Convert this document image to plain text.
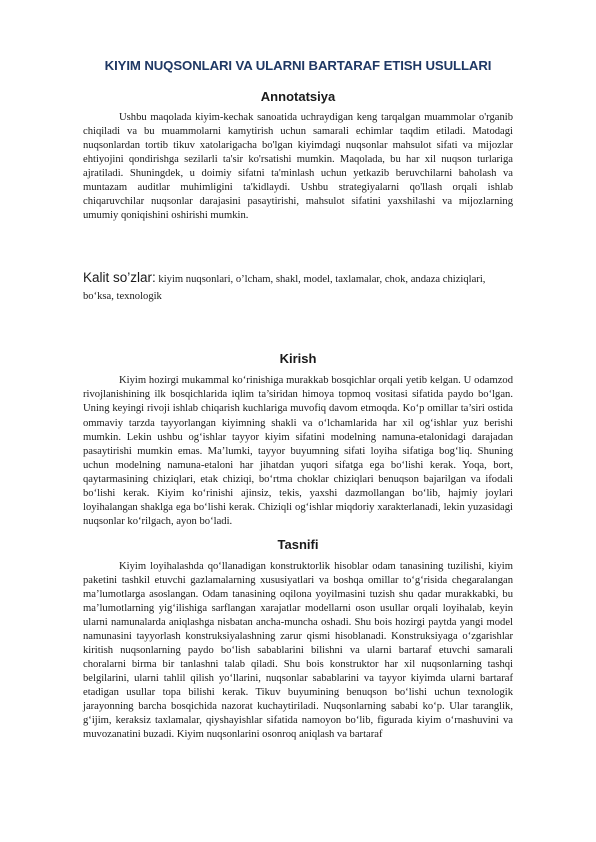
KIYIM NUQSONLARI VA ULARNI BARTARAF ETISH USULLARI
Annotatsiya

Ushbu maqolada kiyim-kechak sanoatida uchraydigan keng tarqalgan muammolar o'rganib chiqiladi va bu muammolarni kamytirish uchun samarali echimlar taqdim etiladi. Matodagi nuqsonlardan tortib tikuv xatolarigacha bo'lgan kiyimdagi nuqsonlar mahsulot sifati va mijozlar ehtiyojini qondirishga sezilarli ta'sir ko'rsatishi mumkin. Maqolada, bu har xil nuqson turlariga ajratiladi. Shuningdek, u doimiy sifatni ta'minlash uchun yetkazib beruvchilarni baholash va muntazam auditlar muhimligini ta'kidlaydi. Ushbu strategiyalarni qo'llash orqali ishlab chiqaruvchilar nuqsonlar darajasini pasaytirishi, mahsulot sifatini yaxshilashi va mijozlarning umumiy qoniqishini oshirishi mumkin.

Kalit so’zlar: kiyim nuqsonlari, o’lcham, shakl, model, taxlamalar, chok, andaza chiziqlari, bo‘ksa, texnologik

Kirish

Kiyim hozirgi mukammal ko‘rinishiga murakkab bosqichlar orqali yetib kelgan. U odamzod rivojlanishining ilk bosqichlarida iqlim ta’siridan himoya topmoq vositasi sifatida paydo bo‘lgan. Uning keyingi rivoji ishlab chiqarish kuchlariga muvofiq davom etmoqda. Ko‘p omillar ta’siri ostida ommaviy tarzda tayyorlangan kiyimning shakli va o‘lchamlarida har xil og‘ishlar yuz berishi mumkin. Lekin ushbu og‘ishlar tayyor kiyim sifatini modelning namuna-etalonidagi darajadan pasaytirishi mumkin emas. Ma’lumki, tayyor buyumning sifati loyiha sifatiga bog‘liq. Shuning uchun modelning namuna-etaloni har jihatdan yuqori sifatga ega bo‘lishi kerak. Yoqa, bort, qaytarmasining chiziqlari, etak chiziqi, bo‘rtma choklar chiziqlari benuqson bajarilgan va ifodali bo‘lishi kerak. Kiyim ko‘rinishi ajinsiz, tekis, yaxshi dazmollangan bo‘lib, hajmiy joylari loyihalangan shaklga ega bo‘lishi kerak. Chiziqli og‘ishlar miqdoriy xarakterlanadi, lekin yuzasidagi nuqsonlar ko‘rilgach, ayon bo‘ladi.

Tasnifi

Kiyim loyihalashda qo‘llanadigan konstruktorlik hisoblar odam tanasining tuzilishi, kiyim paketini tashkil etuvchi gazlamalarning xususiyatlari va boshqa omillar to‘g‘risida chegaralangan ma’lumotlarga asoslangan. Odam tanasining oqilona yoyilmasini tuzish shu qadar murakkabki, bu ma’lumotlarning yig‘ilishiga sarflangan xarajatlar modellarni oson usullar orqali loyihalab, keyin ularni namunalarda aniqlashga nisbatan ancha-muncha oshadi. Shu bois hozirgi paytda yangi model namunasini tayyorlash konstruksiyalashning zarur qismi hisoblanadi. Konstruksiyaga o‘zgarishlar kiritish nuqsonlarning paydo bo‘lish sabablarini bilishni va ularni bartaraf etuvchi samarali choralarni birma bir tanlashni talab qiladi. Shu bois konstruktor har xil nuqsonlarning tashqi belgilarini, ularni tahlil qilish yo‘llarini, nuqsonlar sabablarini va tayyor kiyimda ularni bartaraf etadigan usullar topa bilishi kerak. Tikuv buyumining benuqson bo‘lishi uchun texnologik jarayonning barcha bosqichida nazorat kuchaytiriladi. Nuqsonlarning sababi ko‘p. Ular taranglik, g‘ijim, keraksiz taxlamalar, qiyshayishlar sifatida namoyon bo‘lib, figurada kiyim o‘rnashuvini va muvozanatini buzadi. Kiyim nuqsonlarini osonroq aniqlash va bartaraf
